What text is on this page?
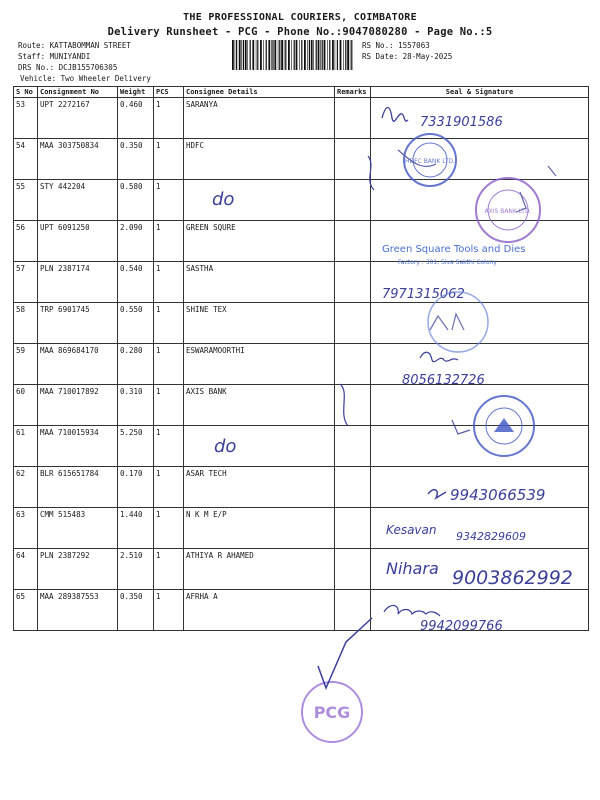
THE PROFESSIONAL COURIERS, COIMBATORE
Delivery Runsheet - PCG - Phone No.:9047080280 - Page No.:5
Route: KATTABOMMAN STREET
Staff: MUNIYANDI
DRS No.: DCJB155706305
Vehicle: Two Wheeler Delivery
RS No.: 1557063
RS Date: 28-May-2025
S No	Consignment No	Weight	PCS	Consignee Details	Remarks	Seal & Signature
53	UPT 2272167	0.460	1	SARANYA		
54	MAA 303750834	0.350	1	HDFC		
55	STY 442204	0.580	1			
56	UPT 6091250	2.090	1	GREEN SQURE		
57	PLN 2387174	0.540	1	SASTHA		
58	TRP 6901745	0.550	1	SHINE TEX		
59	MAA 869684170	0.280	1	ESWARAMOORTHI		
60	MAA 710017892	0.310	1	AXIS BANK		
61	MAA 710015934	5.250	1			
62	BLR 615651784	0.170	1	ASAR TECH		
63	CMM 515483	1.440	1	N K M E/P		
64	PLN 2387292	2.510	1	ATHIYA R AHAMED		
65	MAA 289387553	0.350	1	AFRHA A		
do
do
7331901586
HDFC BANK LTD.
AXIS BANK LTD.
Green Square Tools and Dies
Factory : 301, Siva Sakthi Colony
7971315062
8056132726
9943066539
Kesavan 9342829609
Nihara 9003862992
9942099766
PCG
